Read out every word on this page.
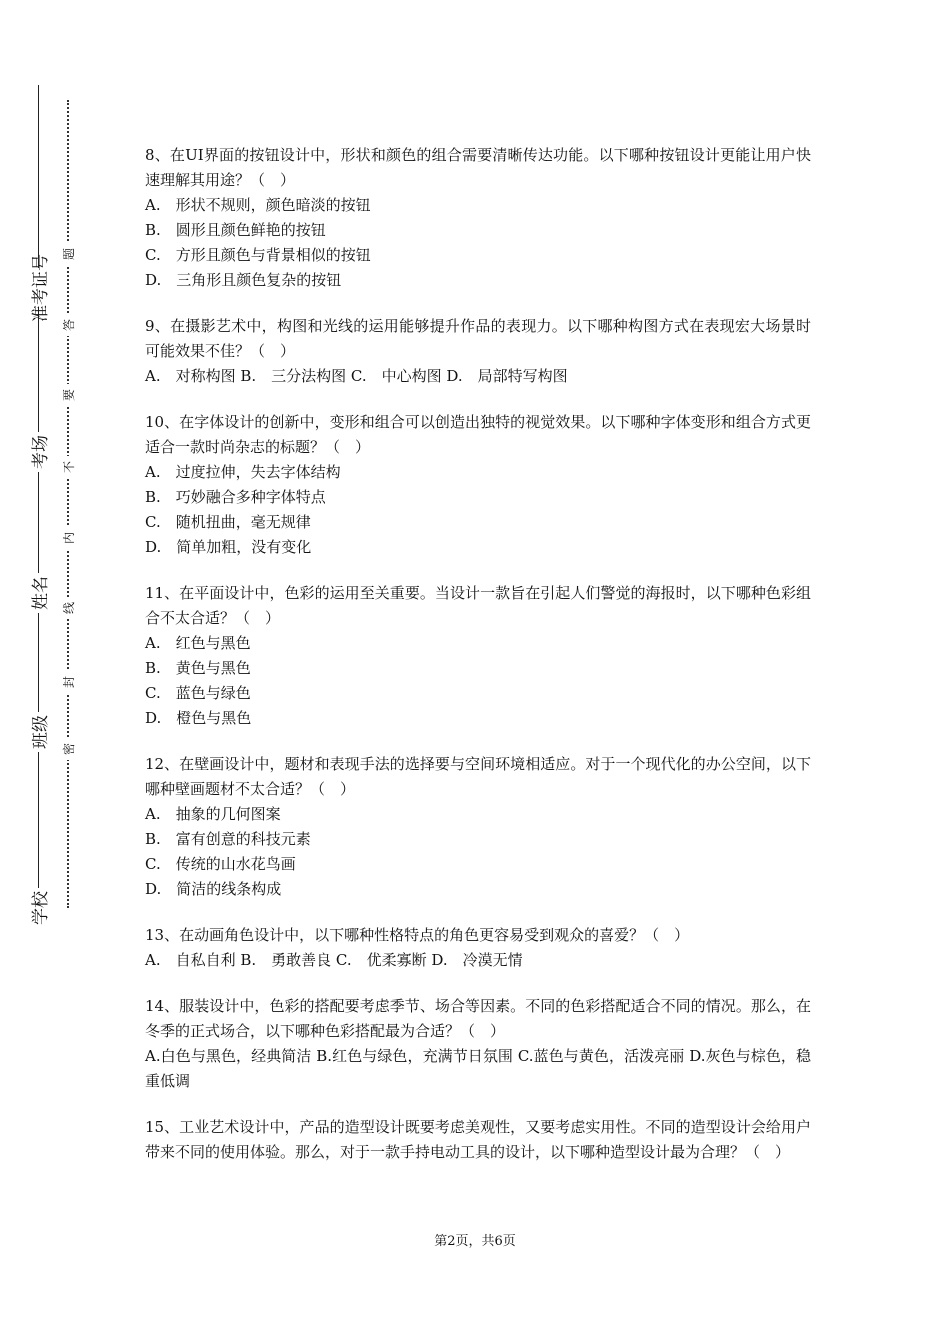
学校
班级
姓名
考场
准考证号
密
封
线
内
不
要
答
题

8、在UI界面的按钮设计中，形状和颜色的组合需要清晰传达功能。以下哪种按钮设计更能让用户快速理解其用途？（　）

A.　形状不规则，颜色暗淡的按钮
B.　圆形且颜色鲜艳的按钮
C.　方形且颜色与背景相似的按钮
D.　三角形且颜色复杂的按钮

9、在摄影艺术中，构图和光线的运用能够提升作品的表现力。以下哪种构图方式在表现宏大场景时可能效果不佳？（　）

A.　对称构图 B.　三分法构图 C.　中心构图 D.　局部特写构图

10、在字体设计的创新中，变形和组合可以创造出独特的视觉效果。以下哪种字体变形和组合方式更适合一款时尚杂志的标题？（　）

A.　过度拉伸，失去字体结构
B.　巧妙融合多种字体特点
C.　随机扭曲，毫无规律
D.　简单加粗，没有变化

11、在平面设计中，色彩的运用至关重要。当设计一款旨在引起人们警觉的海报时，以下哪种色彩组合不太合适？（　）

A.　红色与黑色
B.　黄色与黑色
C.　蓝色与绿色
D.　橙色与黑色

12、在壁画设计中，题材和表现手法的选择要与空间环境相适应。对于一个现代化的办公空间，以下哪种壁画题材不太合适？（　）

A.　抽象的几何图案
B.　富有创意的科技元素
C.　传统的山水花鸟画
D.　简洁的线条构成

13、在动画角色设计中，以下哪种性格特点的角色更容易受到观众的喜爱？（　）

A.　自私自利 B.　勇敢善良 C.　优柔寡断 D.　冷漠无情

14、服装设计中，色彩的搭配要考虑季节、场合等因素。不同的色彩搭配适合不同的情况。那么，在冬季的正式场合，以下哪种色彩搭配最为合适？（　）

A.白色与黑色，经典简洁 B.红色与绿色，充满节日氛围 C.蓝色与黄色，活泼亮丽 D.灰色与棕色，稳重低调

15、工业艺术设计中，产品的造型设计既要考虑美观性，又要考虑实用性。不同的造型设计会给用户带来不同的使用体验。那么，对于一款手持电动工具的设计，以下哪种造型设计最为合理？（　）

第2页，共6页
